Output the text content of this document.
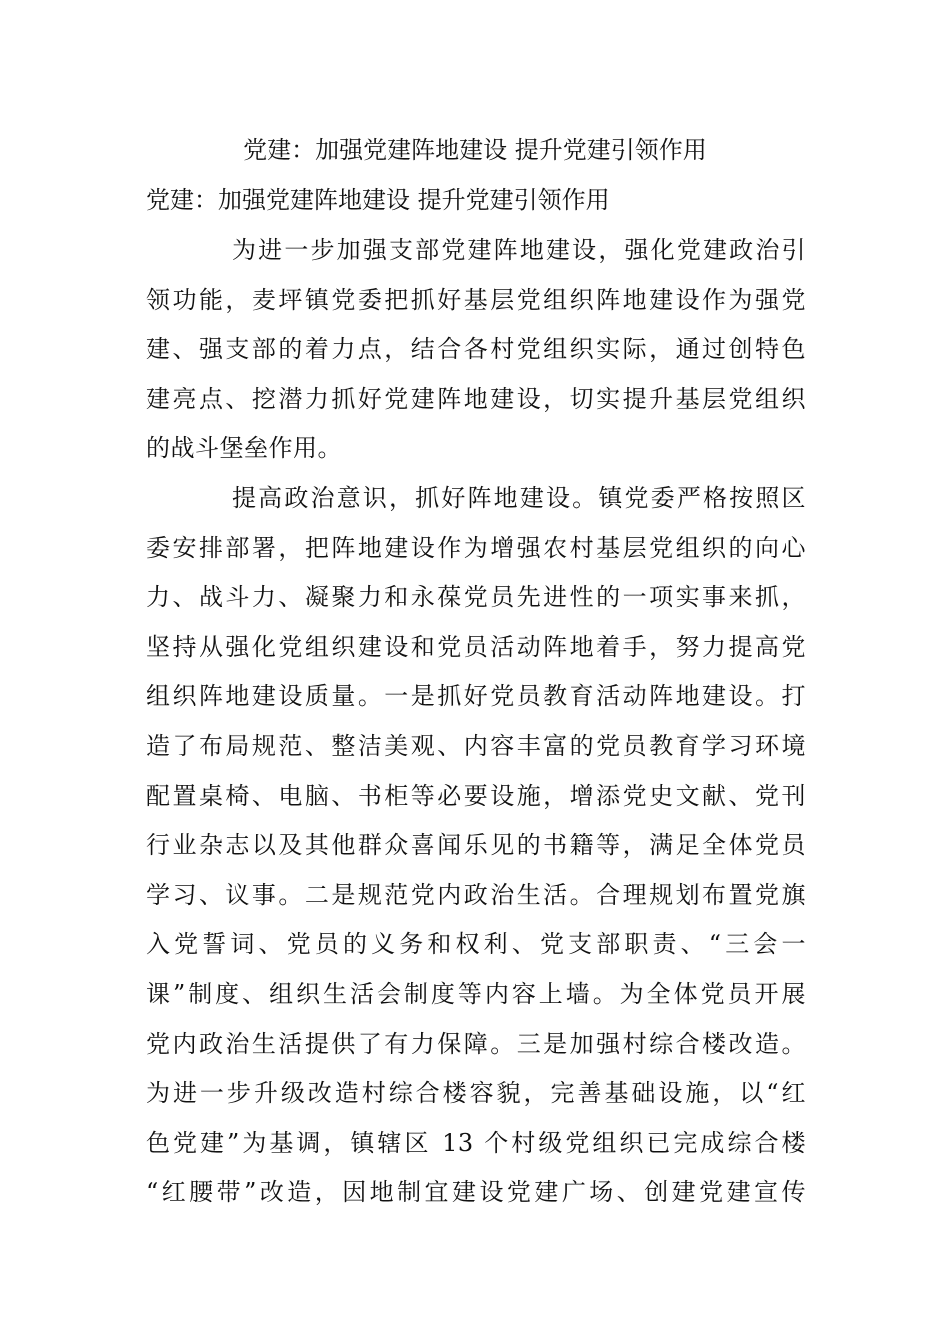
党建：加强党建阵地建设 提升党建引领作用
党建：加强党建阵地建设 提升党建引领作用
为进一步加强支部党建阵地建设，强化党建政治引
领功能，麦坪镇党委把抓好基层党组织阵地建设作为强党
建、强支部的着力点，结合各村党组织实际，通过创特色
建亮点、挖潜力抓好党建阵地建设，切实提升基层党组织
的战斗堡垒作用。
提高政治意识，抓好阵地建设。镇党委严格按照区
委安排部署，把阵地建设作为增强农村基层党组织的向心
力、战斗力、凝聚力和永葆党员先进性的一项实事来抓，
坚持从强化党组织建设和党员活动阵地着手，努力提高党
组织阵地建设质量。一是抓好党员教育活动阵地建设。打
造了布局规范、整洁美观、内容丰富的党员教育学习环境
配置桌椅、电脑、书柜等必要设施，增添党史文献、党刊
行业杂志以及其他群众喜闻乐见的书籍等，满足全体党员
学习、议事。二是规范党内政治生活。合理规划布置党旗
入党誓词、党员的义务和权利、党支部职责、“三会一
课”制度、组织生活会制度等内容上墙。为全体党员开展
党内政治生活提供了有力保障。三是加强村综合楼改造。
为进一步升级改造村综合楼容貌，完善基础设施，以“红
色党建”为基调，镇辖区 13 个村级党组织已完成综合楼
“红腰带”改造，因地制宜建设党建广场、创建党建宣传
